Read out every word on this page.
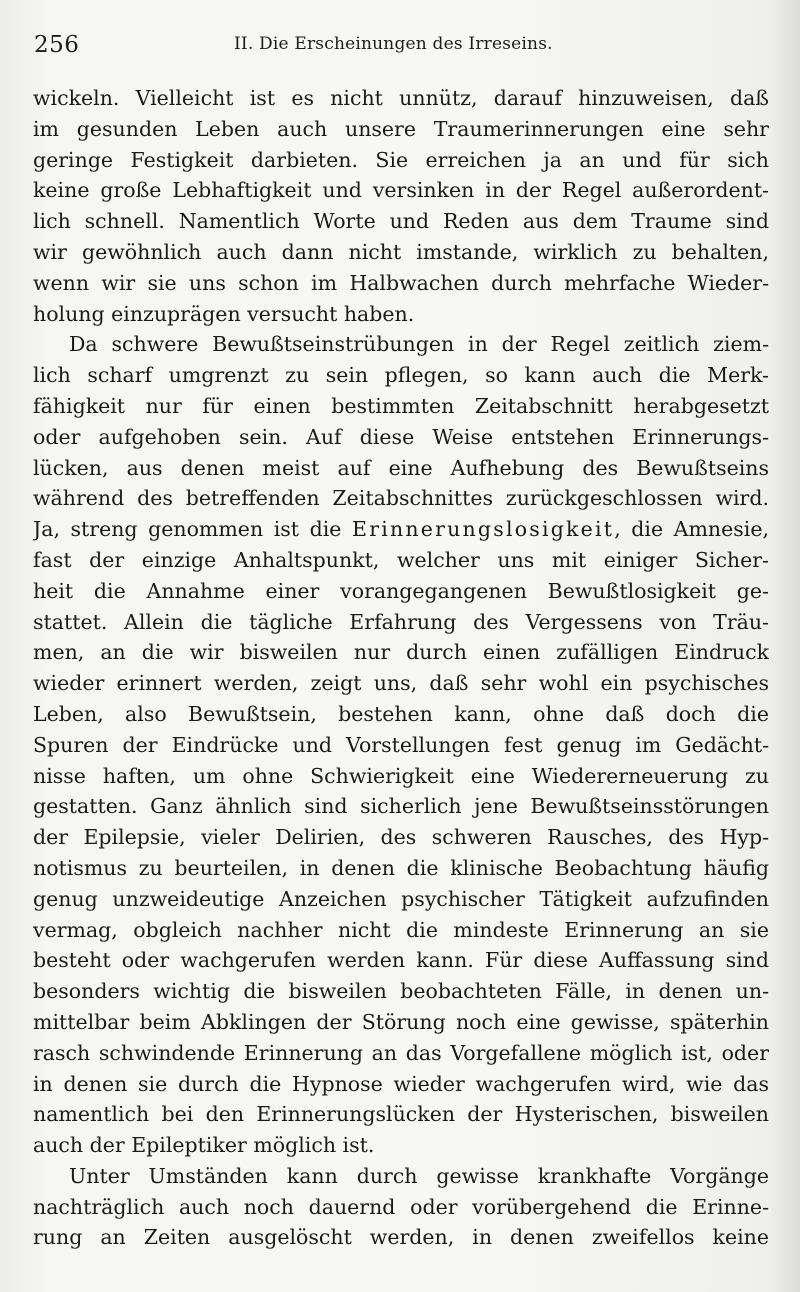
256	II. Die Erscheinungen des Irreseins.
wickeln. Vielleicht ist es nicht unnütz, darauf hinzuweisen, daß
im gesunden Leben auch unsere Traumerinnerungen eine sehr
geringe Festigkeit darbieten. Sie erreichen ja an und für sich
keine große Lebhaftigkeit und versinken in der Regel außerordent-
lich schnell. Namentlich Worte und Reden aus dem Traume sind
wir gewöhnlich auch dann nicht imstande, wirklich zu behalten,
wenn wir sie uns schon im Halbwachen durch mehrfache Wieder-
holung einzuprägen versucht haben.
Da schwere Bewußtseinstrübungen in der Regel zeitlich ziem-
lich scharf umgrenzt zu sein pflegen, so kann auch die Merk-
fähigkeit nur für einen bestimmten Zeitabschnitt herabgesetzt
oder aufgehoben sein. Auf diese Weise entstehen Erinnerungs-
lücken, aus denen meist auf eine Aufhebung des Bewußtseins
während des betreffenden Zeitabschnittes zurückgeschlossen wird.
Ja, streng genommen ist die Erinnerungslosigkeit, die Amnesie,
fast der einzige Anhaltspunkt, welcher uns mit einiger Sicher-
heit die Annahme einer vorangegangenen Bewußtlosigkeit ge-
stattet. Allein die tägliche Erfahrung des Vergessens von Träu-
men, an die wir bisweilen nur durch einen zufälligen Eindruck
wieder erinnert werden, zeigt uns, daß sehr wohl ein psychisches
Leben, also Bewußtsein, bestehen kann, ohne daß doch die
Spuren der Eindrücke und Vorstellungen fest genug im Gedächt-
nisse haften, um ohne Schwierigkeit eine Wiedererneuerung zu
gestatten. Ganz ähnlich sind sicherlich jene Bewußtseinsstörungen
der Epilepsie, vieler Delirien, des schweren Rausches, des Hyp-
notismus zu beurteilen, in denen die klinische Beobachtung häufig
genug unzweideutige Anzeichen psychischer Tätigkeit aufzufinden
vermag, obgleich nachher nicht die mindeste Erinnerung an sie
besteht oder wachgerufen werden kann. Für diese Auffassung sind
besonders wichtig die bisweilen beobachteten Fälle, in denen un-
mittelbar beim Abklingen der Störung noch eine gewisse, späterhin
rasch schwindende Erinnerung an das Vorgefallene möglich ist, oder
in denen sie durch die Hypnose wieder wachgerufen wird, wie das
namentlich bei den Erinnerungslücken der Hysterischen, bisweilen
auch der Epileptiker möglich ist.
Unter Umständen kann durch gewisse krankhafte Vorgänge
nachträglich auch noch dauernd oder vorübergehend die Erinne-
rung an Zeiten ausgelöscht werden, in denen zweifellos keine
